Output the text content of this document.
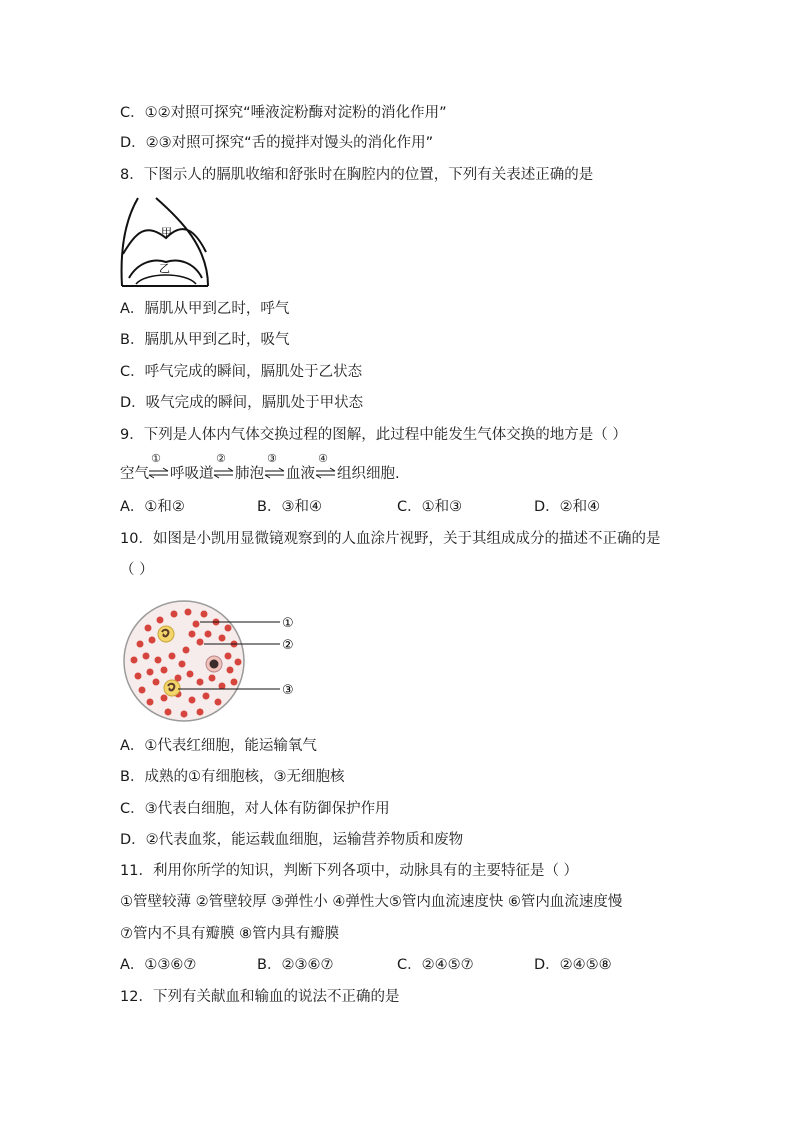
C．①②对照可探究“唾液淀粉酶对淀粉的消化作用”
D．②③对照可探究“舌的搅拌对馒头的消化作用”
8．下图示人的膈肌收缩和舒张时在胸腔内的位置，下列有关表述正确的是
甲
乙
A．膈肌从甲到乙时，呼气
B．膈肌从甲到乙时，吸气
C．呼气完成的瞬间，膈肌处于乙状态
D．吸气完成的瞬间，膈肌处于甲状态
9．下列是人体内气体交换过程的图解，此过程中能发生气体交换的地方是（ ）
空气
①
呼吸道
②
肺泡
③
血液
④
组织细胞.
A．①和②	B．③和④	C．①和③	D．②和④
10．如图是小凯用显微镜观察到的人血涂片视野，关于其组成成分的描述不正确的是
（ ）
①
②
③
A．①代表红细胞，能运输氧气
B．成熟的①有细胞核，③无细胞核
C．③代表白细胞，对人体有防御保护作用
D．②代表血浆，能运载血细胞，运输营养物质和废物
11．利用你所学的知识，判断下列各项中，动脉具有的主要特征是（ ）
①管壁较薄 ②管壁较厚 ③弹性小 ④弹性大⑤管内血流速度快 ⑥管内血流速度慢
⑦管内不具有瓣膜 ⑧管内具有瓣膜
A．①③⑥⑦	B．②③⑥⑦	C．②④⑤⑦	D．②④⑤⑧
12．下列有关献血和输血的说法不正确的是
